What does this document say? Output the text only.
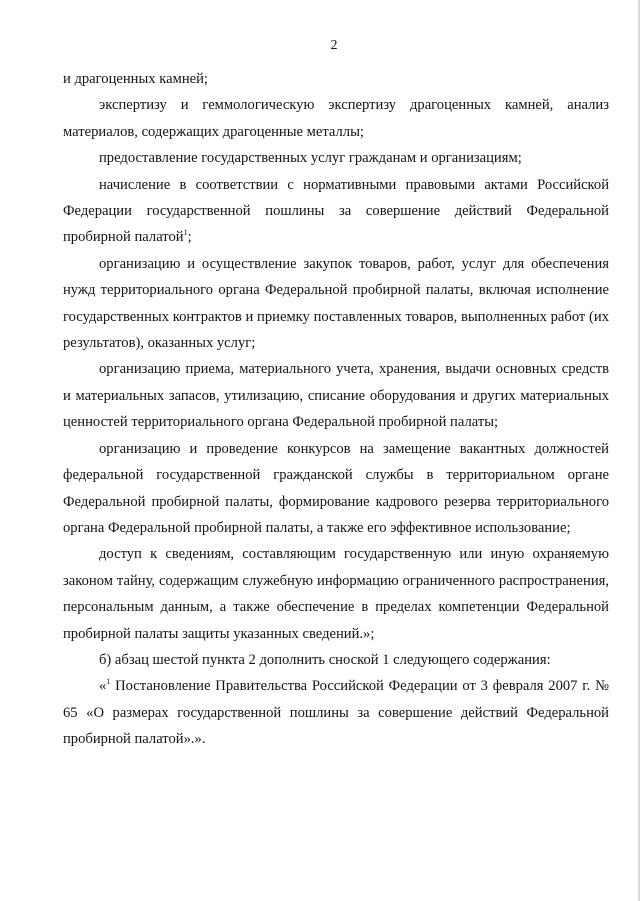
2

и драгоценных камней;

экспертизу и геммологическую экспертизу драгоценных камней, анализ материалов, содержащих драгоценные металлы;

предоставление государственных услуг гражданам и организациям;

начисление в соответствии с нормативными правовыми актами Российской Федерации государственной пошлины за совершение действий Федеральной пробирной палатой$^1$;

организацию и осуществление закупок товаров, работ, услуг для обеспечения нужд территориального органа Федеральной пробирной палаты, включая исполнение государственных контрактов и приемку поставленных товаров, выполненных работ (их результатов), оказанных услуг;

организацию приема, материального учета, хранения, выдачи основных средств и материальных запасов, утилизацию, списание оборудования и других материальных ценностей территориального органа Федеральной пробирной палаты;

организацию и проведение конкурсов на замещение вакантных должностей федеральной государственной гражданской службы в территориальном органе Федеральной пробирной палаты, формирование кадрового резерва территориального органа Федеральной пробирной палаты, а также его эффективное использование;

доступ к сведениям, составляющим государственную или иную охраняемую законом тайну, содержащим служебную информацию ограниченного распространения, персональным данным, а также обеспечение в пределах компетенции Федеральной пробирной палаты защиты указанных сведений.»;

б) абзац шестой пункта 2 дополнить сноской 1 следующего содержания:

«$^1$ Постановление Правительства Российской Федерации от 3 февраля 2007 г. № 65 «О размерах государственной пошлины за совершение действий Федеральной пробирной палатой».».
